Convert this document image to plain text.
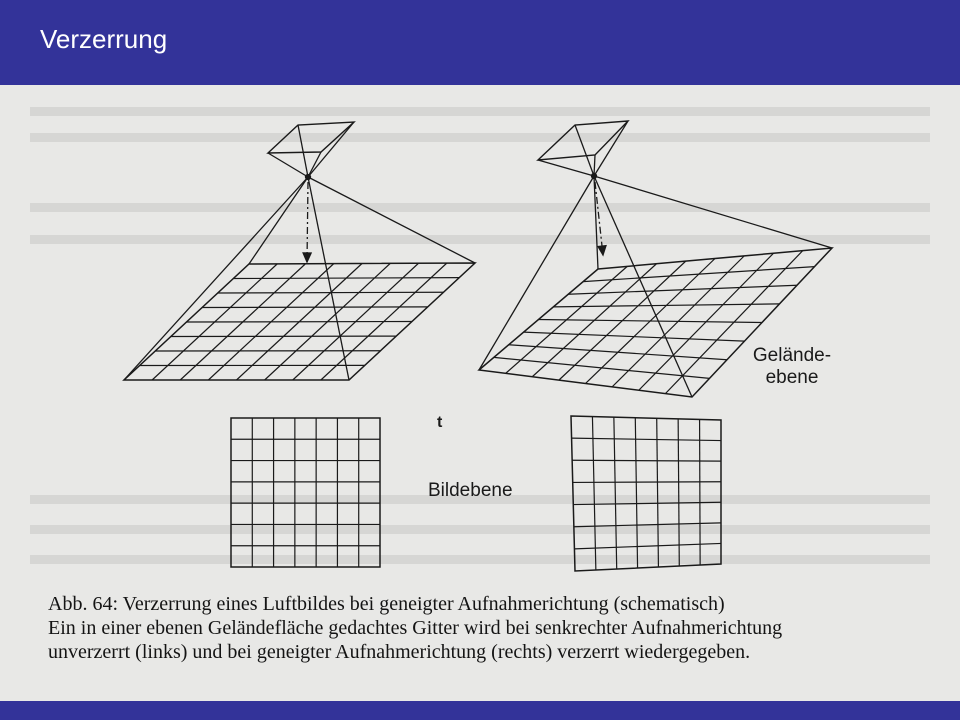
Verzerrung
Gelände-
ebene
Bildebene
t
Abb. 64: Verzerrung eines Luftbildes bei geneigter Aufnahmerichtung (schematisch)
Ein in einer ebenen Geländefläche gedachtes Gitter wird bei senkrechter Aufnahmerichtung
unverzerrt (links) und bei geneigter Aufnahmerichtung (rechts) verzerrt wiedergegeben.
